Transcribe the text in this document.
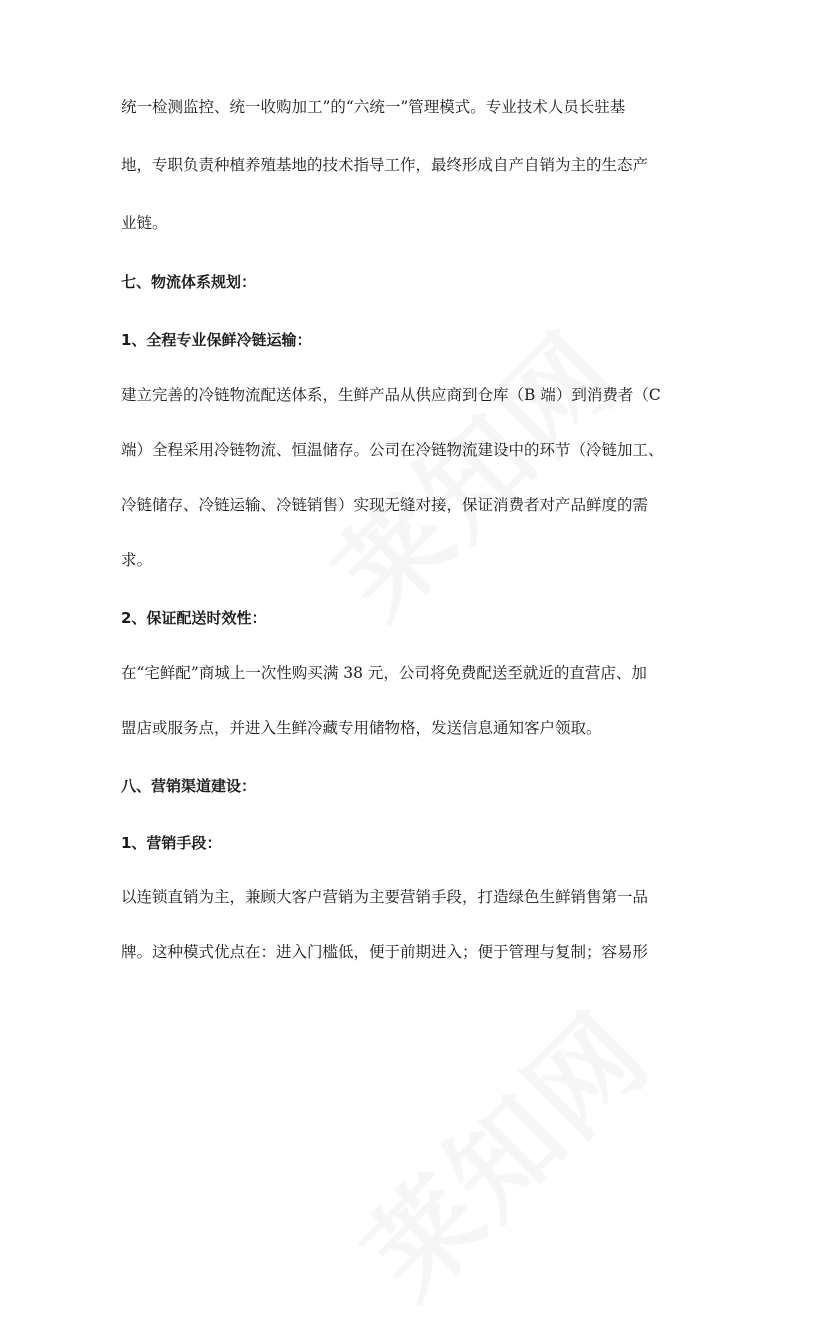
统一检测监控、统一收购加工”的“六统一”管理模式。专业技术人员长驻基
地，专职负责种植养殖基地的技术指导工作，最终形成自产自销为主的生态产
业链。
七、物流体系规划：
1、全程专业保鲜冷链运输：
建立完善的冷链物流配送体系，生鲜产品从供应商到仓库（B 端）到消费者（C
端）全程采用冷链物流、恒温储存。公司在冷链物流建设中的环节（冷链加工、
冷链储存、冷链运输、冷链销售）实现无缝对接，保证消费者对产品鲜度的需
求。
2、保证配送时效性：
在“宅鲜配”商城上一次性购买满 38 元，公司将免费配送至就近的直营店、加
盟店或服务点，并进入生鲜冷藏专用储物格，发送信息通知客户领取。
八、营销渠道建设：
1、营销手段：
以连锁直销为主，兼顾大客户营销为主要营销手段，打造绿色生鲜销售第一品
牌。这种模式优点在：进入门槛低，便于前期进入；便于管理与复制；容易形
